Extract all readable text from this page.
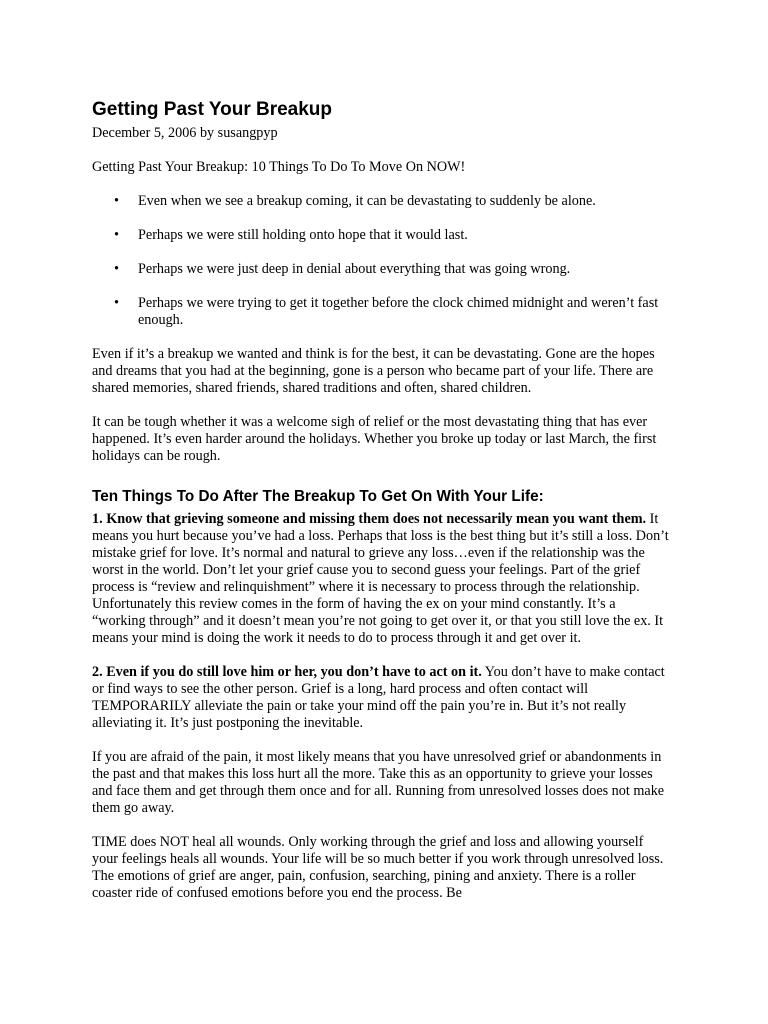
Getting Past Your Breakup

December 5, 2006 by susangpyp

Getting Past Your Breakup: 10 Things To Do To Move On NOW!

• Even when we see a breakup coming, it can be devastating to suddenly be alone.
• Perhaps we were still holding onto hope that it would last.
• Perhaps we were just deep in denial about everything that was going wrong.
• Perhaps we were trying to get it together before the clock chimed midnight and weren’t fast enough.

Even if it’s a breakup we wanted and think is for the best, it can be devastating. Gone are the hopes and dreams that you had at the beginning, gone is a person who became part of your life. There are shared memories, shared friends, shared traditions and often, shared children.

It can be tough whether it was a welcome sigh of relief or the most devastating thing that has ever happened. It’s even harder around the holidays. Whether you broke up today or last March, the first holidays can be rough.

Ten Things To Do After The Breakup To Get On With Your Life:

1. Know that grieving someone and missing them does not necessarily mean you want them. It means you hurt because you’ve had a loss. Perhaps that loss is the best thing but it’s still a loss. Don’t mistake grief for love. It’s normal and natural to grieve any loss…even if the relationship was the worst in the world. Don’t let your grief cause you to second guess your feelings. Part of the grief process is “review and relinquishment” where it is necessary to process through the relationship. Unfortunately this review comes in the form of having the ex on your mind constantly. It’s a “working through” and it doesn’t mean you’re not going to get over it, or that you still love the ex. It means your mind is doing the work it needs to do to process through it and get over it.

2. Even if you do still love him or her, you don’t have to act on it. You don’t have to make contact or find ways to see the other person. Grief is a long, hard process and often contact will TEMPORARILY alleviate the pain or take your mind off the pain you’re in. But it’s not really alleviating it. It’s just postponing the inevitable.

If you are afraid of the pain, it most likely means that you have unresolved grief or abandonments in the past and that makes this loss hurt all the more. Take this as an opportunity to grieve your losses and face them and get through them once and for all. Running from unresolved losses does not make them go away.

TIME does NOT heal all wounds. Only working through the grief and loss and allowing yourself your feelings heals all wounds. Your life will be so much better if you work through unresolved loss. The emotions of grief are anger, pain, confusion, searching, pining and anxiety. There is a roller coaster ride of confused emotions before you end the process. Be
